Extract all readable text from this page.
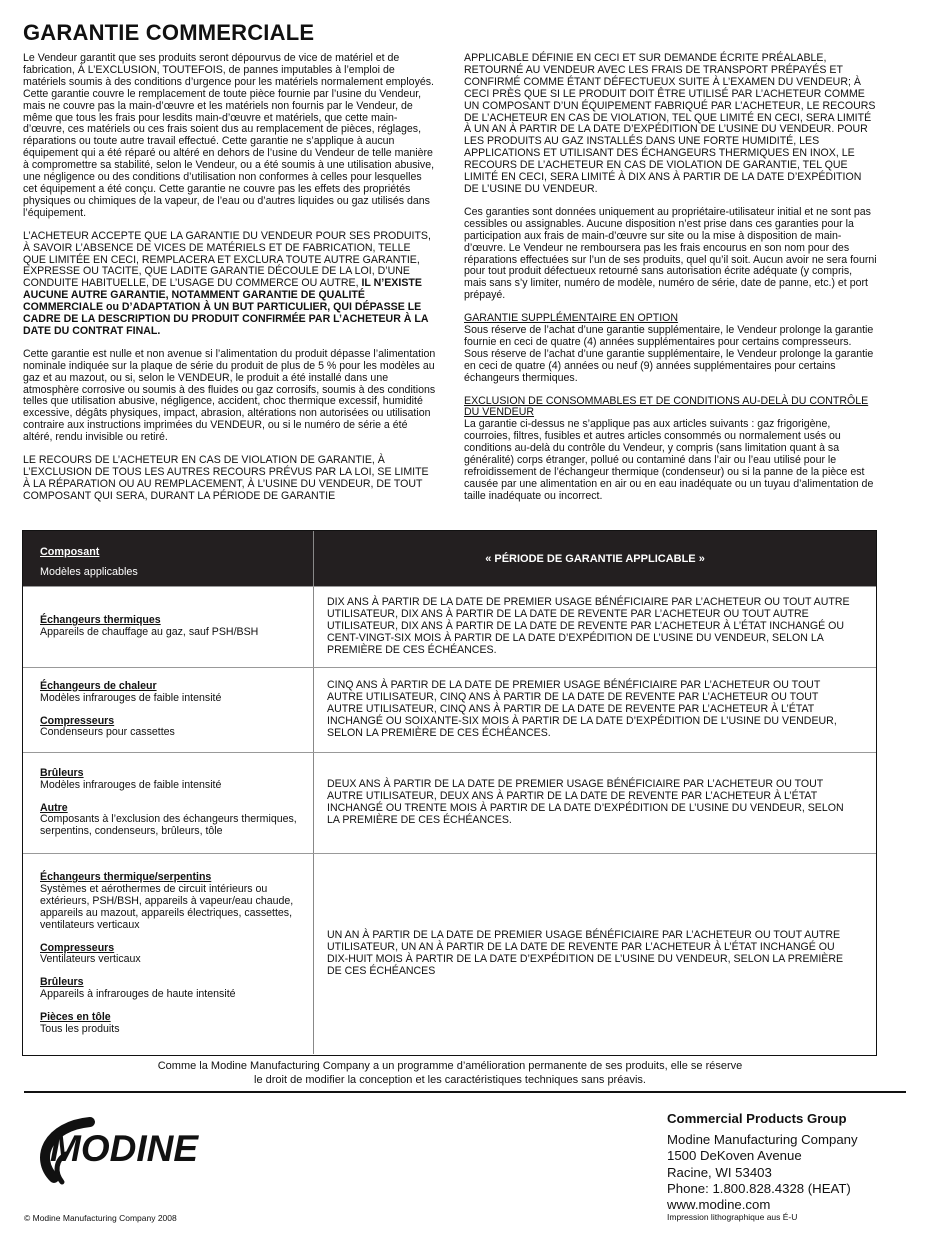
GARANTIE COMMERCIALE

Le Vendeur garantit que ses produits seront dépourvus de vice de matériel et de fabrication, À L’EXCLUSION, TOUTEFOIS, de pannes imputables à l’emploi de matériels soumis à des conditions d’urgence pour les matériels normalement employés. Cette garantie couvre le remplacement de toute pièce fournie par l’usine du Vendeur, mais ne couvre pas la main-d’œuvre et les matériels non fournis par le Vendeur, de même que tous les frais pour lesdits main-d’œuvre et matériels, que cette main-d’œuvre, ces matériels ou ces frais soient dus au remplacement de pièces, réglages, réparations ou toute autre travail effectué. Cette garantie ne s’applique à aucun équipement qui a été réparé ou altéré en dehors de l’usine du Vendeur de telle manière à compromettre sa stabilité, selon le Vendeur, ou a été soumis à une utilisation abusive, une négligence ou des conditions d’utilisation non conformes à celles pour lesquelles cet équipement a été conçu. Cette garantie ne couvre pas les effets des propriétés physiques ou chimiques de la vapeur, de l’eau ou d’autres liquides ou gaz utilisés dans l’équipement.

L’ACHETEUR ACCEPTE QUE LA GARANTIE DU VENDEUR POUR SES PRODUITS, À SAVOIR L’ABSENCE DE VICES DE MATÉRIELS ET DE FABRICATION, TELLE QUE LIMITÉE EN CECI, REMPLACERA ET EXCLURA TOUTE AUTRE GARANTIE, EXPRESSE OU TACITE, QUE LADITE GARANTIE DÉCOULE DE LA LOI, D’UNE CONDUITE HABITUELLE, DE L’USAGE DU COMMERCE OU AUTRE, IL N’EXISTE AUCUNE AUTRE GARANTIE, NOTAMMENT GARANTIE DE QUALITÉ COMMERCIALE ou D’ADAPTATION À UN BUT PARTICULIER, QUI DÉPASSE LE CADRE DE LA DESCRIPTION DU PRODUIT CONFIRMÉE PAR L’ACHETEUR À LA DATE DU CONTRAT FINAL.

Cette garantie est nulle et non avenue si l’alimentation du produit dépasse l’alimentation nominale indiquée sur la plaque de série du produit de plus de 5 % pour les modèles au gaz et au mazout, ou si, selon le VENDEUR, le produit a été installé dans une atmosphère corrosive ou soumis à des fluides ou gaz corrosifs, soumis à des conditions telles que utilisation abusive, négligence, accident, choc thermique excessif, humidité excessive, dégâts physiques, impact, abrasion, altérations non autorisées ou utilisation contraire aux instructions imprimées du VENDEUR, ou si le numéro de série a été altéré, rendu invisible ou retiré.

LE RECOURS DE L’ACHETEUR EN CAS DE VIOLATION DE GARANTIE, À L’EXCLUSION DE TOUS LES AUTRES RECOURS PRÉVUS PAR LA LOI, SE LIMITE À LA RÉPARATION OU AU REMPLACEMENT, À L’USINE DU VENDEUR, DE TOUT COMPOSANT QUI SERA, DURANT LA PÉRIODE DE GARANTIE

APPLICABLE DÉFINIE EN CECI ET SUR DEMANDE ÉCRITE PRÉALABLE, RETOURNÉ AU VENDEUR AVEC LES FRAIS DE TRANSPORT PRÉPAYÉS ET CONFIRMÉ COMME ÉTANT DÉFECTUEUX SUITE À L’EXAMEN DU VENDEUR; À CECI PRÈS QUE SI LE PRODUIT DOIT ÊTRE UTILISÉ PAR L’ACHETEUR COMME UN COMPOSANT D’UN ÉQUIPEMENT FABRIQUÉ PAR L’ACHETEUR, LE RECOURS DE L’ACHETEUR EN CAS DE VIOLATION, TEL QUE LIMITÉ EN CECI, SERA LIMITÉ À UN AN À PARTIR DE LA DATE D’EXPÉDITION DE L’USINE DU VENDEUR. POUR LES PRODUITS AU GAZ INSTALLÉS DANS UNE FORTE HUMIDITÉ, LES APPLICATIONS ET UTILISANT DES ÉCHANGEURS THERMIQUES EN INOX, LE RECOURS DE L’ACHETEUR EN CAS DE VIOLATION DE GARANTIE, TEL QUE LIMITÉ EN CECI, SERA LIMITÉ À DIX ANS À PARTIR DE LA DATE D’EXPÉDITION DE L’USINE DU VENDEUR.

Ces garanties sont données uniquement au propriétaire-utilisateur initial et ne sont pas cessibles ou assignables. Aucune disposition n’est prise dans ces garanties pour la participation aux frais de main-d’œuvre sur site ou la mise à disposition de main-d’œuvre. Le Vendeur ne remboursera pas les frais encourus en son nom pour des réparations effectuées sur l’un de ses produits, quel qu’il soit. Aucun avoir ne sera fourni pour tout produit défectueux retourné sans autorisation écrite adéquate (y compris, mais sans s’y limiter, numéro de modèle, numéro de série, date de panne, etc.) et port prépayé.

GARANTIE SUPPLÉMENTAIRE EN OPTION
Sous réserve de l’achat d’une garantie supplémentaire, le Vendeur prolonge la garantie fournie en ceci de quatre (4) années supplémentaires pour certains compresseurs. Sous réserve de l’achat d’une garantie supplémentaire, le Vendeur prolonge la garantie en ceci de quatre (4) années ou neuf (9) années supplémentaires pour certains échangeurs thermiques.

EXCLUSION DE CONSOMMABLES ET DE CONDITIONS AU-DELÀ DU CONTRÔLE DU VENDEUR
La garantie ci-dessus ne s’applique pas aux articles suivants : gaz frigorigène, courroies, filtres, fusibles et autres articles consommés ou normalement usés ou conditions au-delà du contrôle du Vendeur, y compris (sans limitation quant à sa généralité) corps étranger, pollué ou contaminé dans l’air ou l’eau utilisé pour le refroidissement de l’échangeur thermique (condenseur) ou si la panne de la pièce est causée par une alimentation en air ou en eau inadéquate ou un tuyau d’alimentation de taille inadéquate ou incorrect.

Composant
Modèles applicables
« PÉRIODE DE GARANTIE APPLICABLE »
Échangeurs thermiques
Appareils de chauffage au gaz, sauf PSH/BSH
DIX ANS À PARTIR DE LA DATE DE PREMIER USAGE BÉNÉFICIAIRE PAR L’ACHETEUR OU TOUT AUTRE UTILISATEUR, DIX ANS À PARTIR DE LA DATE DE REVENTE PAR L’ACHETEUR OU TOUT AUTRE UTILISATEUR, DIX ANS À PARTIR DE LA DATE DE REVENTE PAR L’ACHETEUR À L’ÉTAT INCHANGÉ OU CENT-VINGT-SIX MOIS À PARTIR DE LA DATE D’EXPÉDITION DE L’USINE DU VENDEUR, SELON LA PREMIÈRE DE CES ÉCHÉANCES.
Échangeurs de chaleur
Modèles infrarouges de faible intensité
Compresseurs
Condenseurs pour cassettes
CINQ ANS À PARTIR DE LA DATE DE PREMIER USAGE BÉNÉFICIAIRE PAR L’ACHETEUR OU TOUT AUTRE UTILISATEUR, CINQ ANS À PARTIR DE LA DATE DE REVENTE PAR L’ACHETEUR OU TOUT AUTRE UTILISATEUR, CINQ ANS À PARTIR DE LA DATE DE REVENTE PAR L’ACHETEUR À L’ÉTAT INCHANGÉ OU SOIXANTE-SIX MOIS À PARTIR DE LA DATE D’EXPÉDITION DE L’USINE DU VENDEUR, SELON LA PREMIÈRE DE CES ÉCHÉANCES.
Brûleurs
Modèles infrarouges de faible intensité
Autre
Composants à l’exclusion des échangeurs thermiques, serpentins, condenseurs, brûleurs, tôle
DEUX ANS À PARTIR DE LA DATE DE PREMIER USAGE BÉNÉFICIAIRE PAR L’ACHETEUR OU TOUT AUTRE UTILISATEUR, DEUX ANS À PARTIR DE LA DATE DE REVENTE PAR L’ACHETEUR À L’ÉTAT INCHANGÉ OU TRENTE MOIS À PARTIR DE LA DATE D’EXPÉDITION DE L’USINE DU VENDEUR, SELON LA PREMIÈRE DE CES ÉCHÉANCES.
Échangeurs thermique/serpentins
Systèmes et aérothermes de circuit intérieurs ou extérieurs, PSH/BSH, appareils à vapeur/eau chaude, appareils au mazout, appareils électriques, cassettes, ventilateurs verticaux
Compresseurs
Ventilateurs verticaux
Brûleurs
Appareils à infrarouges de haute intensité
Pièces en tôle
Tous les produits
UN AN À PARTIR DE LA DATE DE PREMIER USAGE BÉNÉFICIAIRE PAR L’ACHETEUR OU TOUT AUTRE UTILISATEUR, UN AN À PARTIR DE LA DATE DE REVENTE PAR L’ACHETEUR À L’ÉTAT INCHANGÉ OU DIX-HUIT MOIS À PARTIR DE LA DATE D’EXPÉDITION DE L’USINE DU VENDEUR, SELON LA PREMIÈRE DE CES ÉCHÉANCES
Comme la Modine Manufacturing Company a un programme d’amélioration permanente de ses produits, elle se réserve
le droit de modifier la conception et les caractéristiques techniques sans préavis.
MODINE
© Modine Manufacturing Company 2008
Commercial Products Group
Modine Manufacturing Company
1500 DeKoven Avenue
Racine, WI 53403
Phone: 1.800.828.4328 (HEAT)
www.modine.com
Impression lithographique aus É-U
